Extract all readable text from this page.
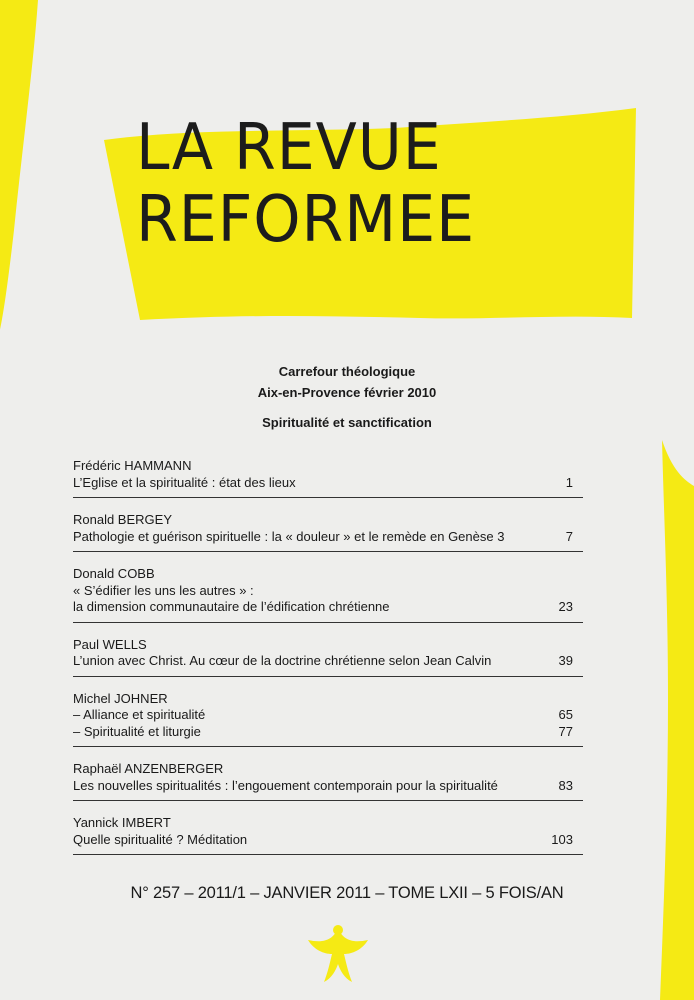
LA REVUE
REFORMEE
Carrefour théologique
Aix-en-Provence février 2010
Spiritualité et sanctification
Frédéric HAMMANN
L’Eglise et la spiritualité : état des lieux	1
Ronald BERGEY
Pathologie et guérison spirituelle : la « douleur » et le remède en Genèse 3	7
Donald COBB
« S’édifier les uns les autres » :
la dimension communautaire de l’édification chrétienne	23
Paul WELLS
L’union avec Christ. Au cœur de la doctrine chrétienne selon Jean Calvin	39
Michel JOHNER
– Alliance et spiritualité	65
– Spiritualité et liturgie	77
Raphaël ANZENBERGER
Les nouvelles spiritualités : l’engouement contemporain pour la spiritualité	83
Yannick IMBERT
Quelle spiritualité ? Méditation	103
N° 257 – 2011/1 – JANVIER 2011 – TOME LXII – 5 FOIS/AN
